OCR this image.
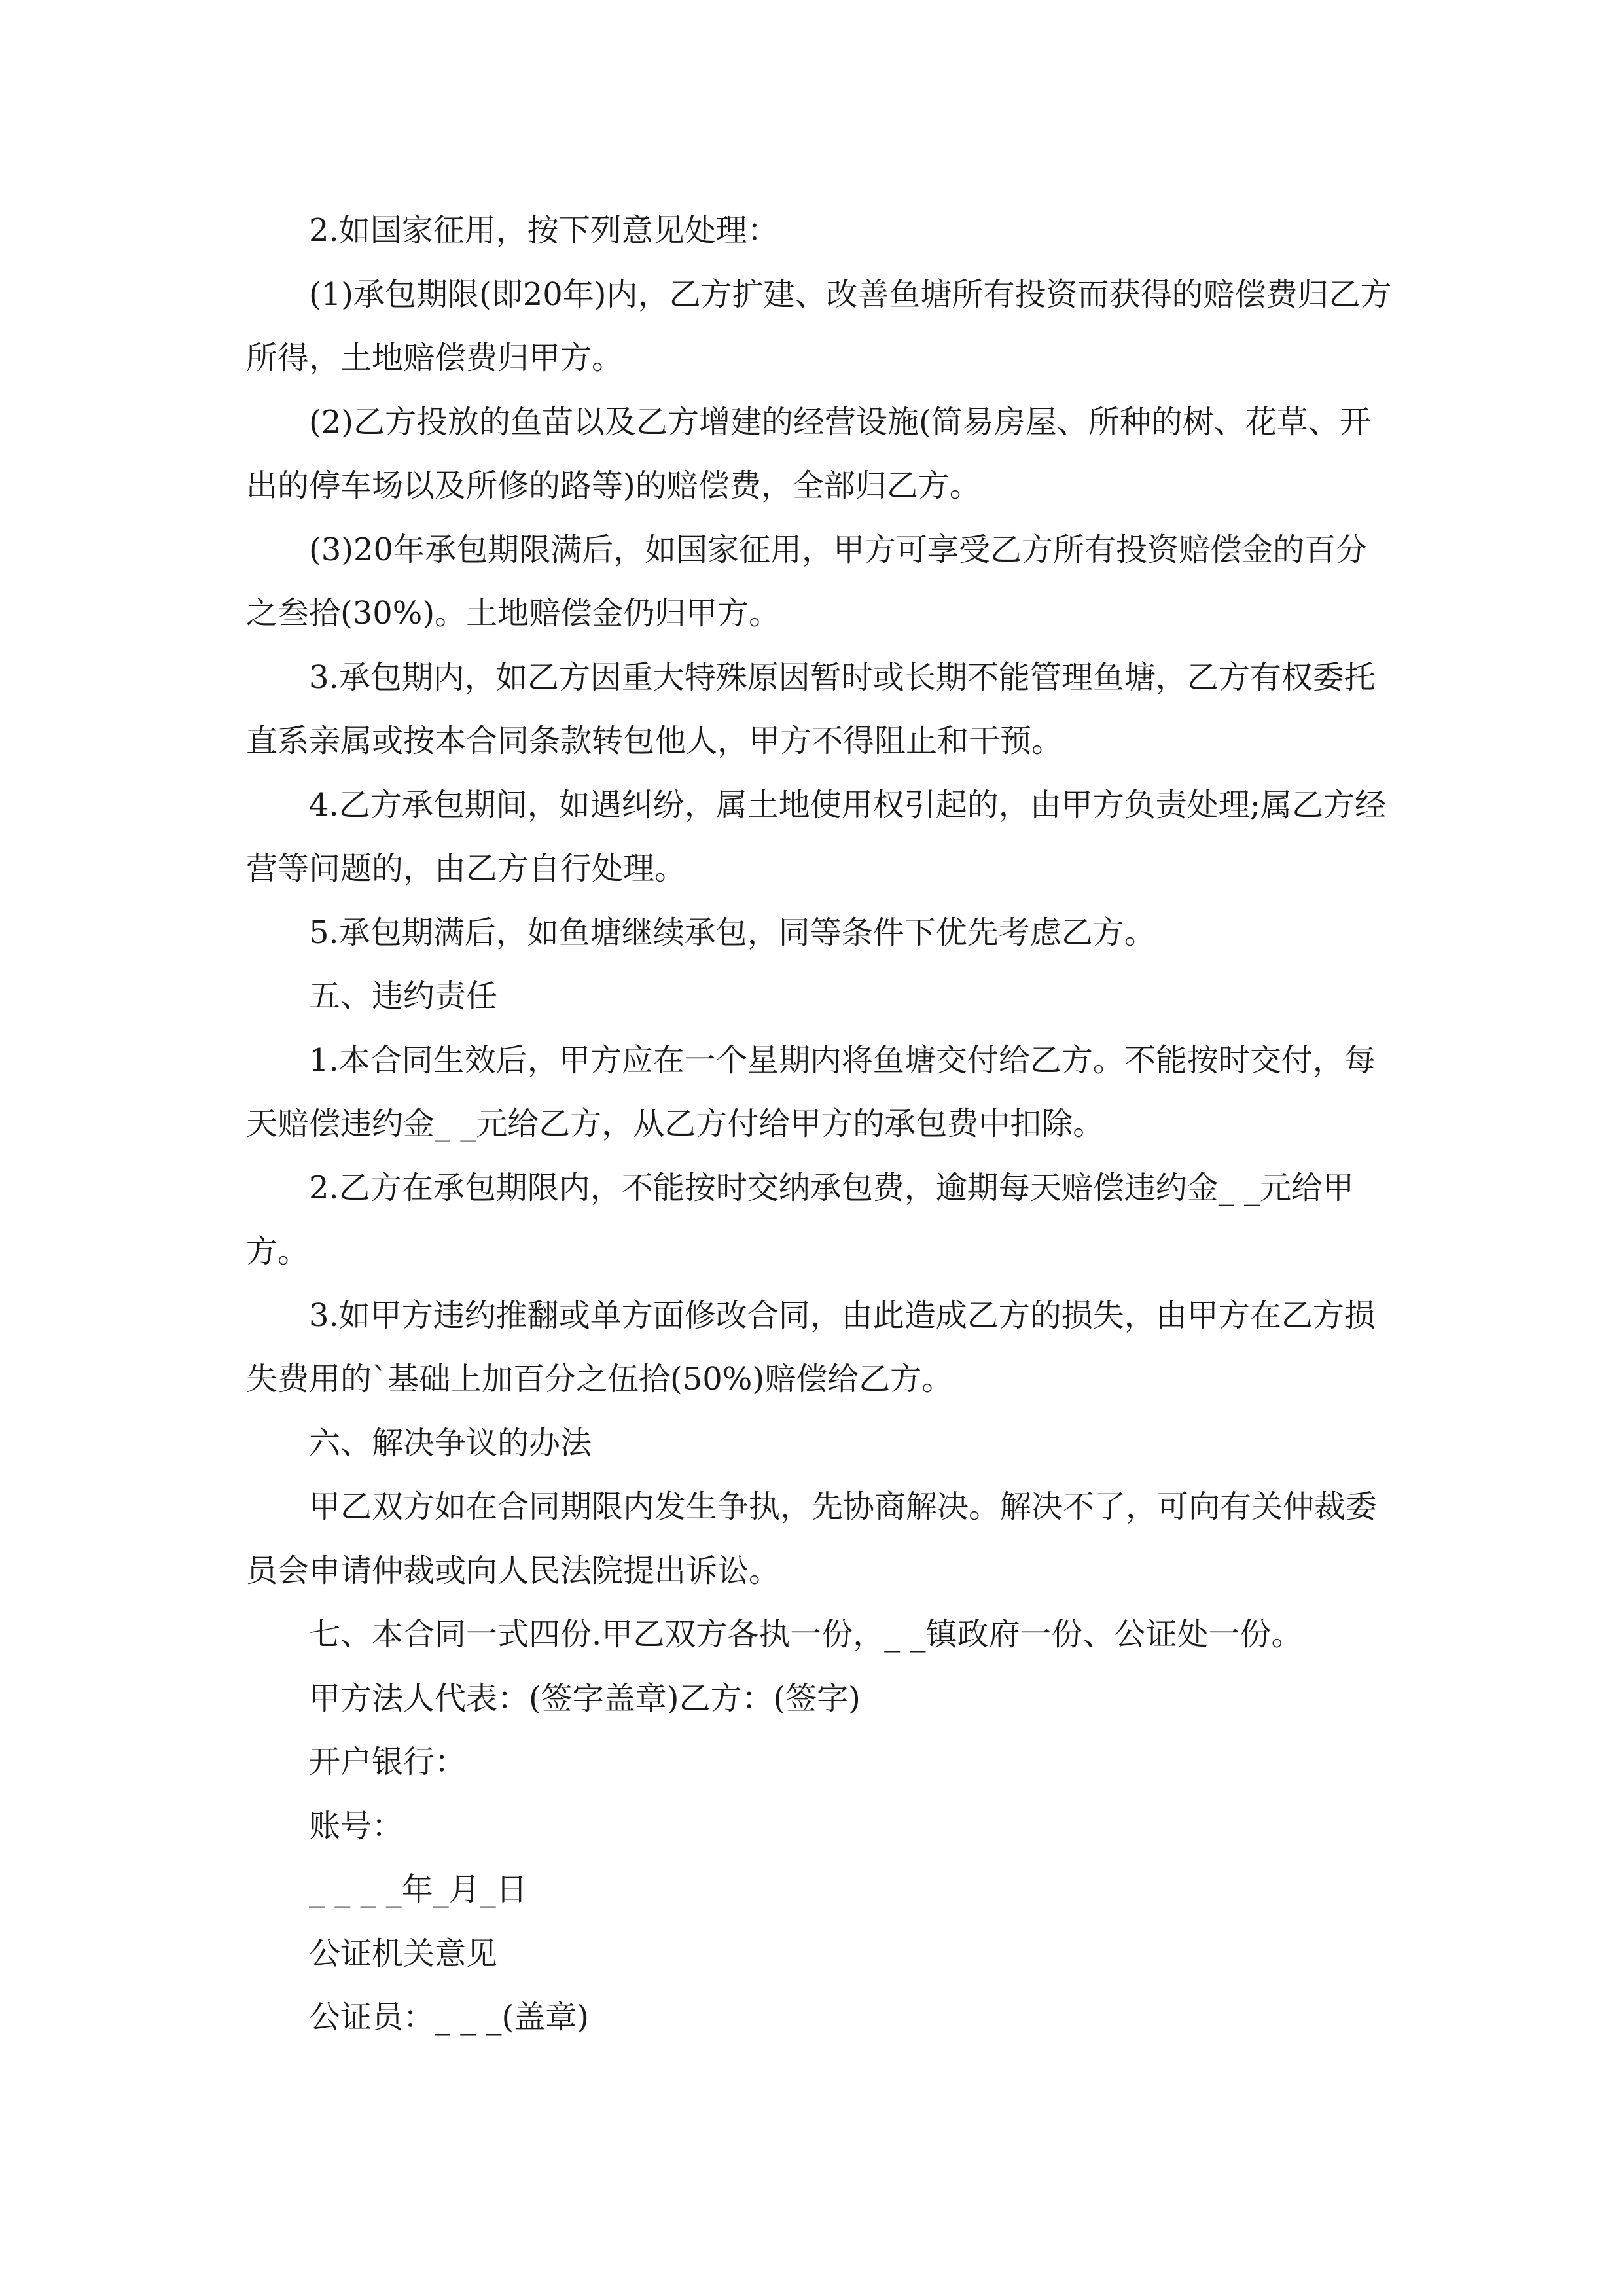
2.如国家征用，按下列意见处理：

(1)承包期限(即20年)内，乙方扩建、改善鱼塘所有投资而获得的赔偿费归乙方所得，土地赔偿费归甲方。

(2)乙方投放的鱼苗以及乙方增建的经营设施(简易房屋、所种的树、花草、开出的停车场以及所修的路等)的赔偿费，全部归乙方。

(3)20年承包期限满后，如国家征用，甲方可享受乙方所有投资赔偿金的百分之叁拾(30%)。土地赔偿金仍归甲方。

3.承包期内，如乙方因重大特殊原因暂时或长期不能管理鱼塘，乙方有权委托直系亲属或按本合同条款转包他人，甲方不得阻止和干预。

4.乙方承包期间，如遇纠纷，属土地使用权引起的，由甲方负责处理;属乙方经营等问题的，由乙方自行处理。

5.承包期满后，如鱼塘继续承包，同等条件下优先考虑乙方。

五、违约责任

1.本合同生效后，甲方应在一个星期内将鱼塘交付给乙方。不能按时交付，每天赔偿违约金_ _元给乙方，从乙方付给甲方的承包费中扣除。

2.乙方在承包期限内，不能按时交纳承包费，逾期每天赔偿违约金_ _元给甲方。

3.如甲方违约推翻或单方面修改合同，由此造成乙方的损失，由甲方在乙方损失费用的`基础上加百分之伍拾(50%)赔偿给乙方。

六、解决争议的办法

甲乙双方如在合同期限内发生争执，先协商解决。解决不了，可向有关仲裁委员会申请仲裁或向人民法院提出诉讼。

七、本合同一式四份.甲乙双方各执一份，_ _镇政府一份、公证处一份。

甲方法人代表：(签字盖章)乙方：(签字)

开户银行：

账号：

_ _ _ _年_月_日

公证机关意见

公证员：_ _ _(盖章)
